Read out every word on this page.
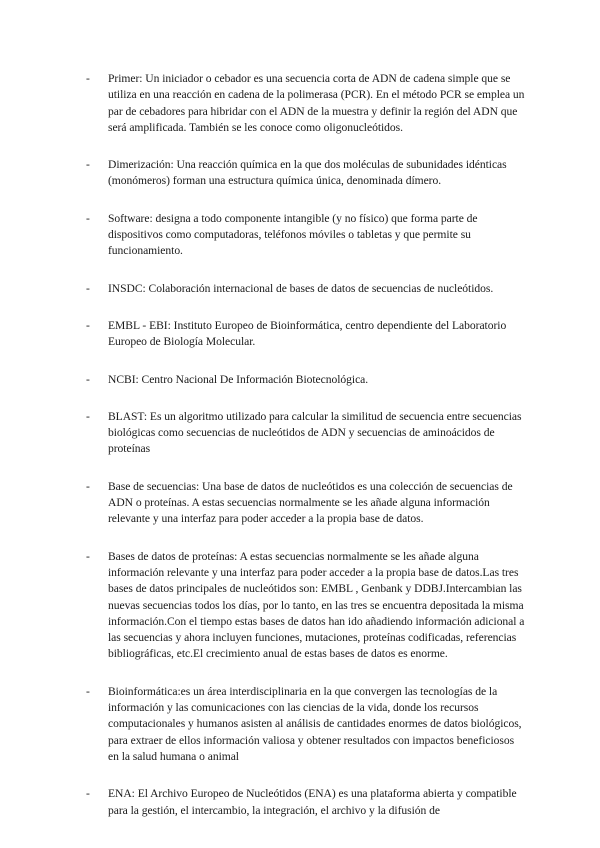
- Primer: Un iniciador o cebador es una secuencia corta de ADN de cadena simple que se utiliza en una reacción en cadena de la polimerasa (PCR). En el método PCR se emplea un par de cebadores para hibridar con el ADN de la muestra y definir la región del ADN que será amplificada. También se les conoce como oligonucleótidos.
- Dimerización: Una reacción química en la que dos moléculas de subunidades idénticas (monómeros) forman una estructura química única, denominada dímero.
- Software: designa a todo componente intangible (y no físico) que forma parte de dispositivos como computadoras, teléfonos móviles o tabletas y que permite su funcionamiento.
- INSDC: Colaboración internacional de bases de datos de secuencias de nucleótidos.
- EMBL - EBI: Instituto Europeo de Bioinformática, centro dependiente del Laboratorio Europeo de Biología Molecular.
- NCBI: Centro Nacional De Información Biotecnológica.
- BLAST: Es un algoritmo utilizado para calcular la similitud de secuencia entre secuencias biológicas como secuencias de nucleótidos de ADN y secuencias de aminoácidos de proteínas
- Base de secuencias: Una base de datos de nucleótidos es una colección de secuencias de ADN o proteínas. A estas secuencias normalmente se les añade alguna información relevante y una interfaz para poder acceder a la propia base de datos.
- Bases de datos de proteínas: A estas secuencias normalmente se les añade alguna información relevante y una interfaz para poder acceder a la propia base de datos.Las tres bases de datos principales de nucleótidos son: EMBL , Genbank y DDBJ.Intercambian las nuevas secuencias todos los días, por lo tanto, en las tres se encuentra depositada la misma información.Con el tiempo estas bases de datos han ido añadiendo información adicional a las secuencias y ahora incluyen funciones, mutaciones, proteínas codificadas, referencias bibliográficas, etc.El crecimiento anual de estas bases de datos es enorme.
- Bioinformática:es un área interdisciplinaria en la que convergen las tecnologías de la información y las comunicaciones con las ciencias de la vida, donde los recursos computacionales y humanos asisten al análisis de cantidades enormes de datos biológicos, para extraer de ellos información valiosa y obtener resultados con impactos beneficiosos en la salud humana o animal
- ENA: El Archivo Europeo de Nucleótidos (ENA) es una plataforma abierta y compatible para la gestión, el intercambio, la integración, el archivo y la difusión de
